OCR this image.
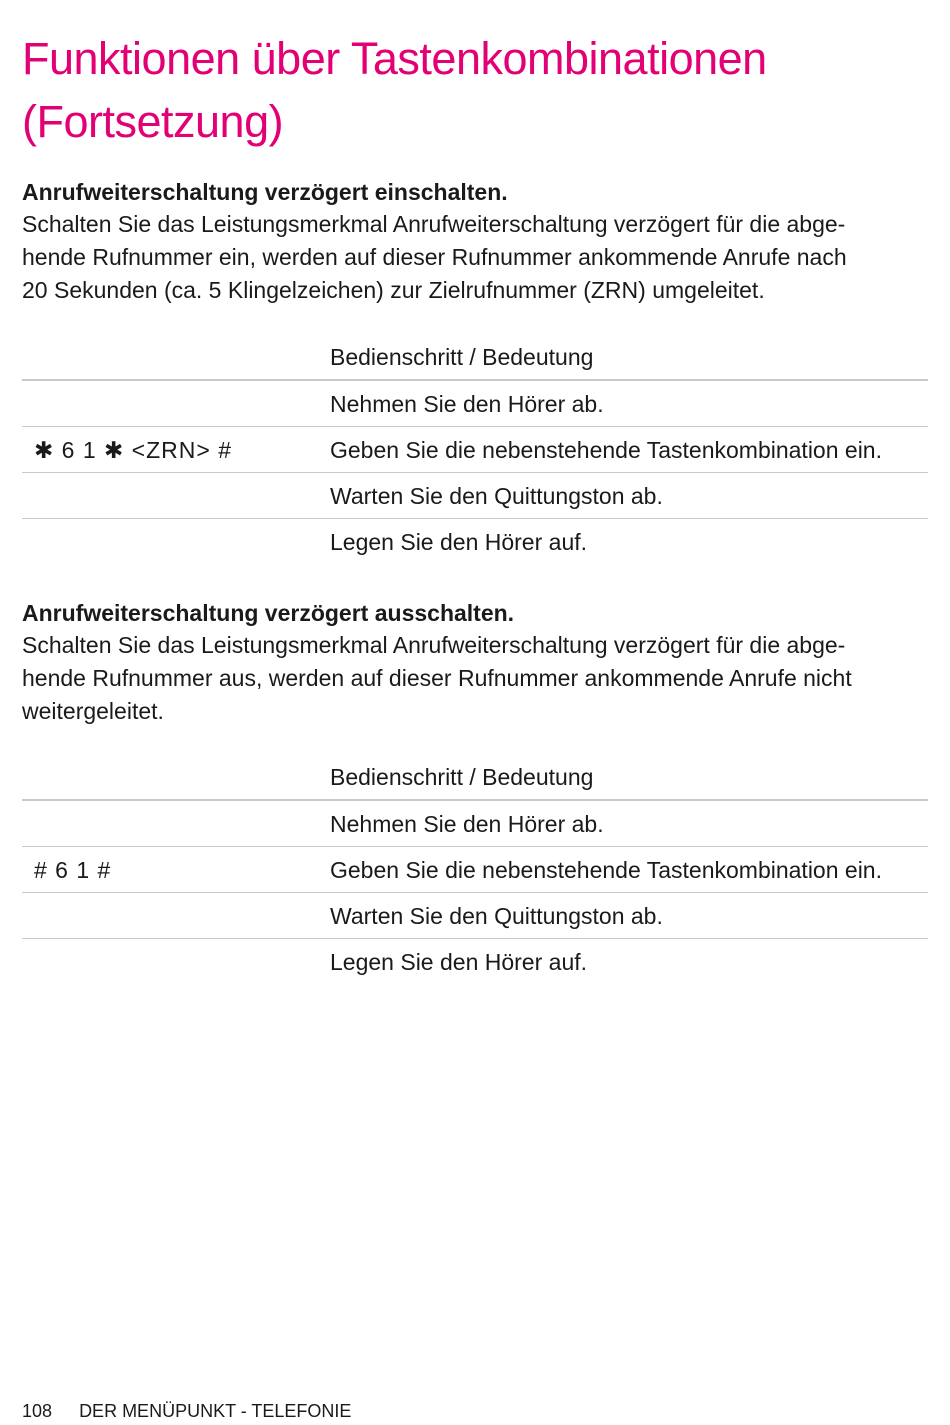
Funktionen über Tastenkombinationen
(Fortsetzung)

Anrufweiterschaltung verzögert einschalten.

Schalten Sie das Leistungsmerkmal Anrufweiterschaltung verzögert für die abge-
hende Rufnummer ein, werden auf dieser Rufnummer ankommende Anrufe nach
20 Sekunden (ca. 5 Klingelzeichen) zur Zielrufnummer (ZRN) umgeleitet.

Bedienschritt / Bedeutung
Nehmen Sie den Hörer ab.
✱ 6 1 ✱ <ZRN> #	Geben Sie die nebenstehende Tastenkombination ein.
Warten Sie den Quittungston ab.
Legen Sie den Hörer auf.

Anrufweiterschaltung verzögert ausschalten.

Schalten Sie das Leistungsmerkmal Anrufweiterschaltung verzögert für die abge-
hende Rufnummer aus, werden auf dieser Rufnummer ankommende Anrufe nicht
weitergeleitet.

Bedienschritt / Bedeutung
Nehmen Sie den Hörer ab.
# 6 1 #	Geben Sie die nebenstehende Tastenkombination ein.
Warten Sie den Quittungston ab.
Legen Sie den Hörer auf.
108 DER MENÜPUNKT - TELEFONIE
